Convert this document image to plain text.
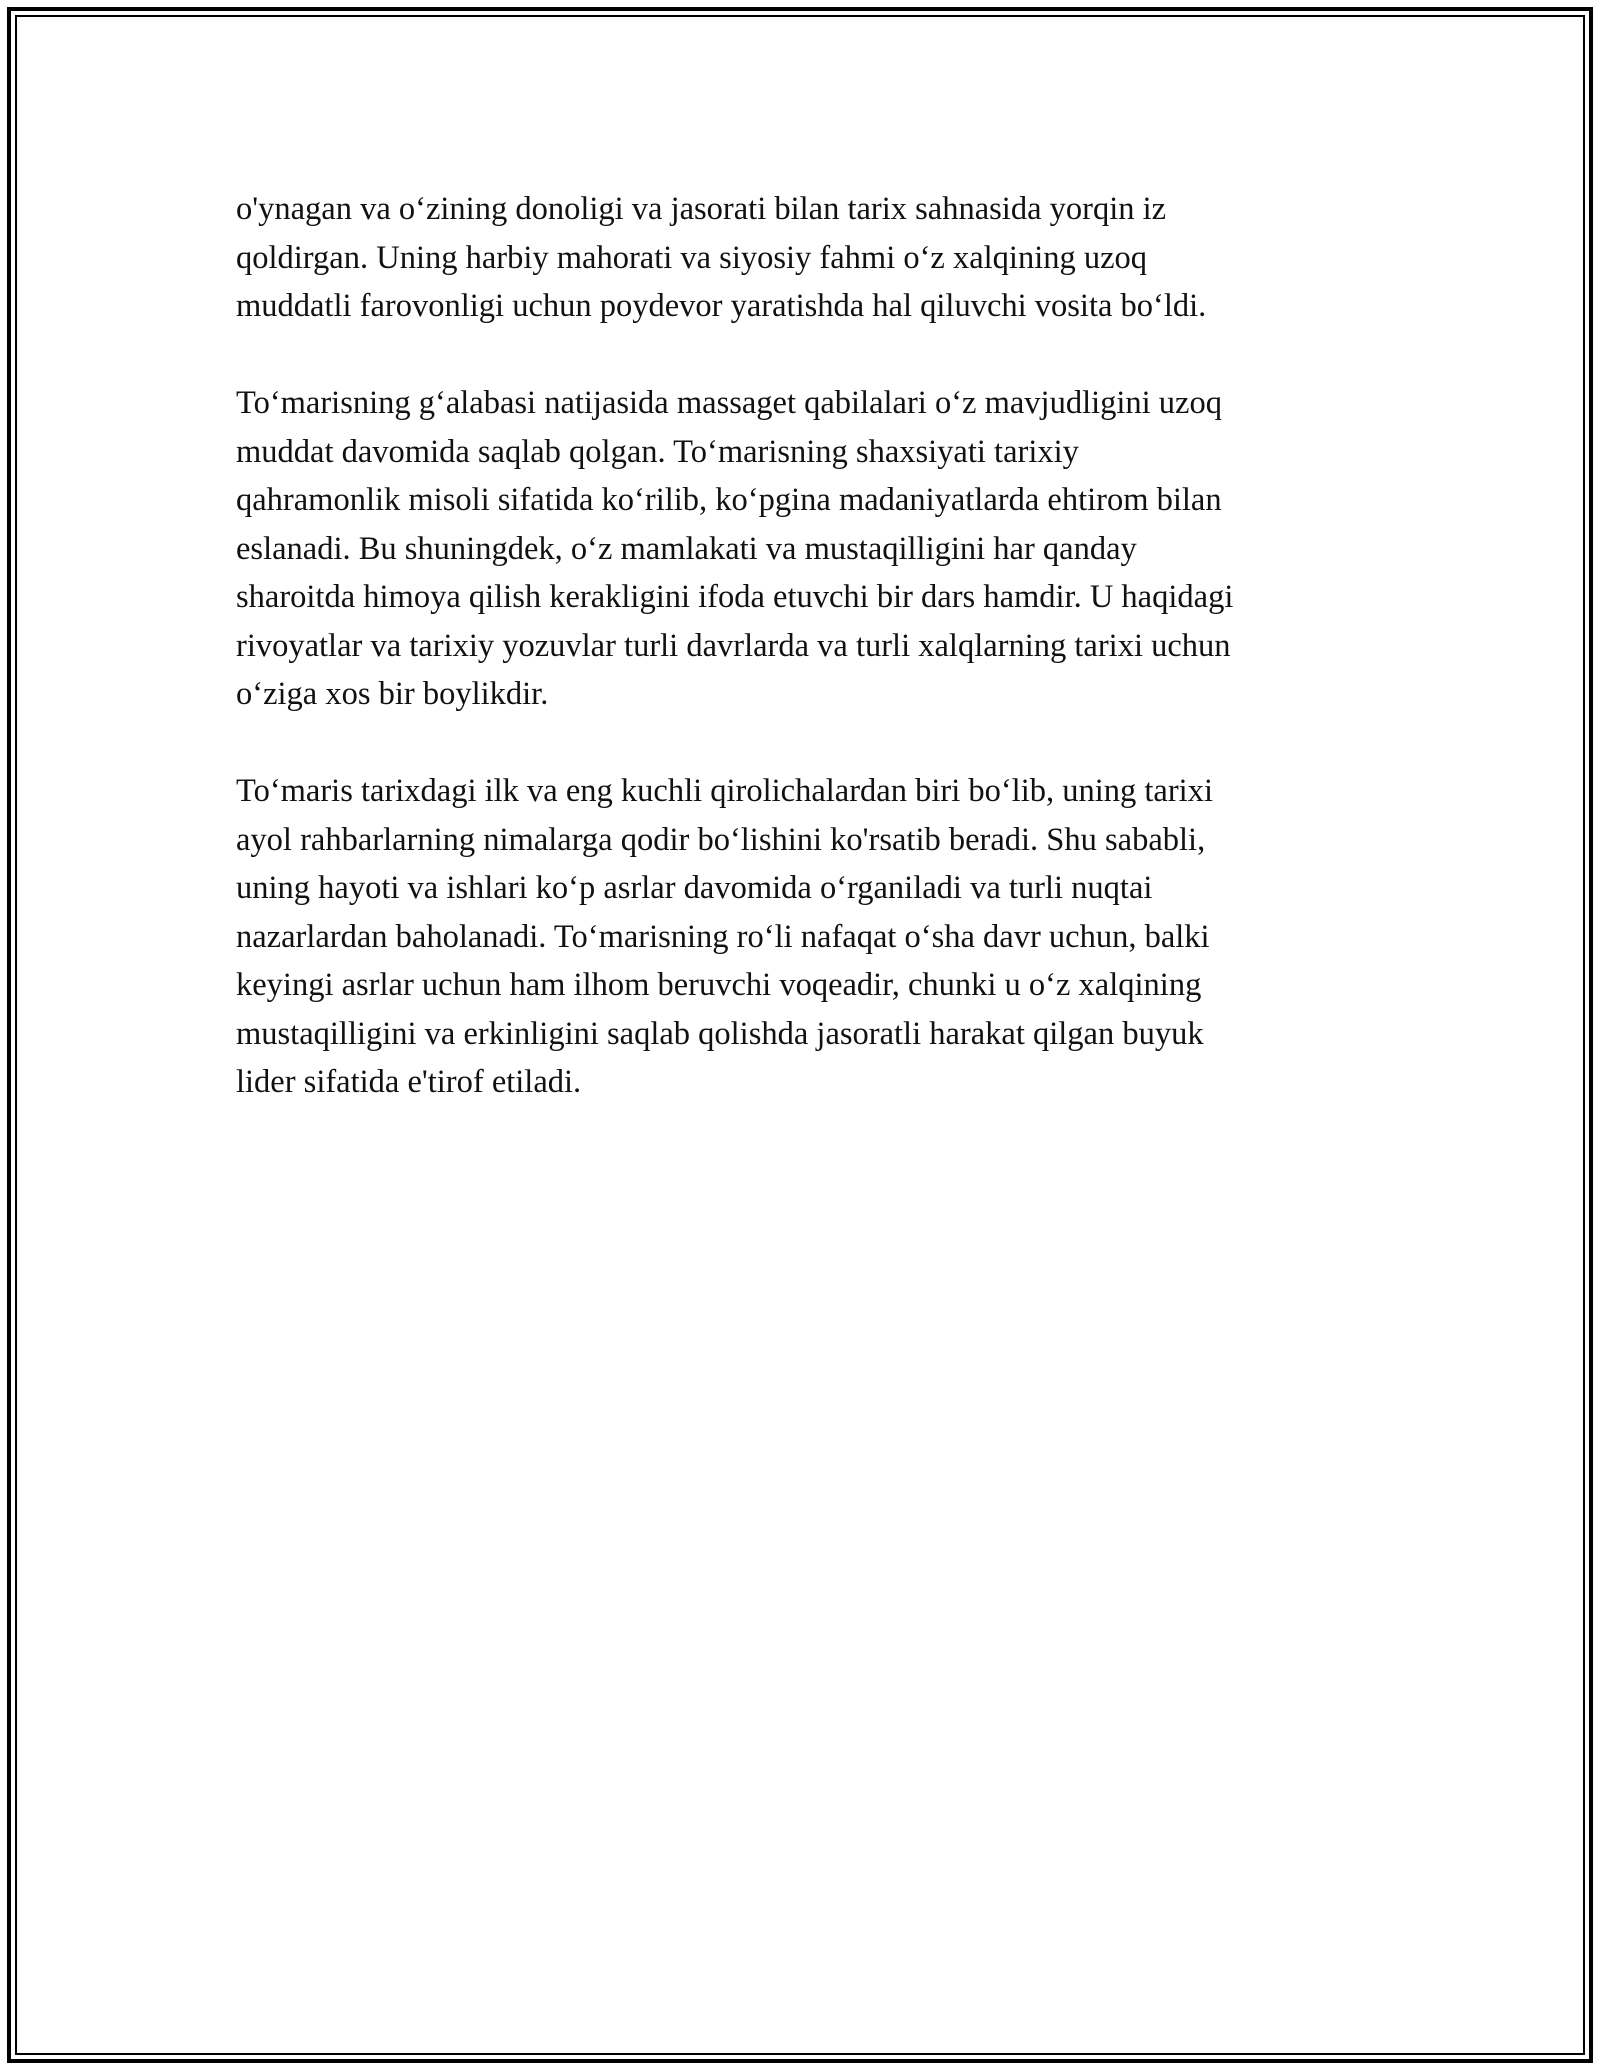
o'ynagan va o‘zining donoligi va jasorati bilan tarix sahnasida yorqin iz
qoldirgan. Uning harbiy mahorati va siyosiy fahmi o‘z xalqining uzoq
muddatli farovonligi uchun poydevor yaratishda hal qiluvchi vosita bo‘ldi.

To‘marisning g‘alabasi natijasida massaget qabilalari o‘z mavjudligini uzoq
muddat davomida saqlab qolgan. To‘marisning shaxsiyati tarixiy
qahramonlik misoli sifatida ko‘rilib, ko‘pgina madaniyatlarda ehtirom bilan
eslanadi. Bu shuningdek, o‘z mamlakati va mustaqilligini har qanday
sharoitda himoya qilish kerakligini ifoda etuvchi bir dars hamdir. U haqidagi
rivoyatlar va tarixiy yozuvlar turli davrlarda va turli xalqlarning tarixi uchun
o‘ziga xos bir boylikdir.

To‘maris tarixdagi ilk va eng kuchli qirolichalardan biri bo‘lib, uning tarixi
ayol rahbarlarning nimalarga qodir bo‘lishini ko'rsatib beradi. Shu sababli,
uning hayoti va ishlari ko‘p asrlar davomida o‘rganiladi va turli nuqtai
nazarlardan baholanadi. To‘marisning ro‘li nafaqat o‘sha davr uchun, balki
keyingi asrlar uchun ham ilhom beruvchi voqeadir, chunki u o‘z xalqining
mustaqilligini va erkinligini saqlab qolishda jasoratli harakat qilgan buyuk
lider sifatida e'tirof etiladi.
